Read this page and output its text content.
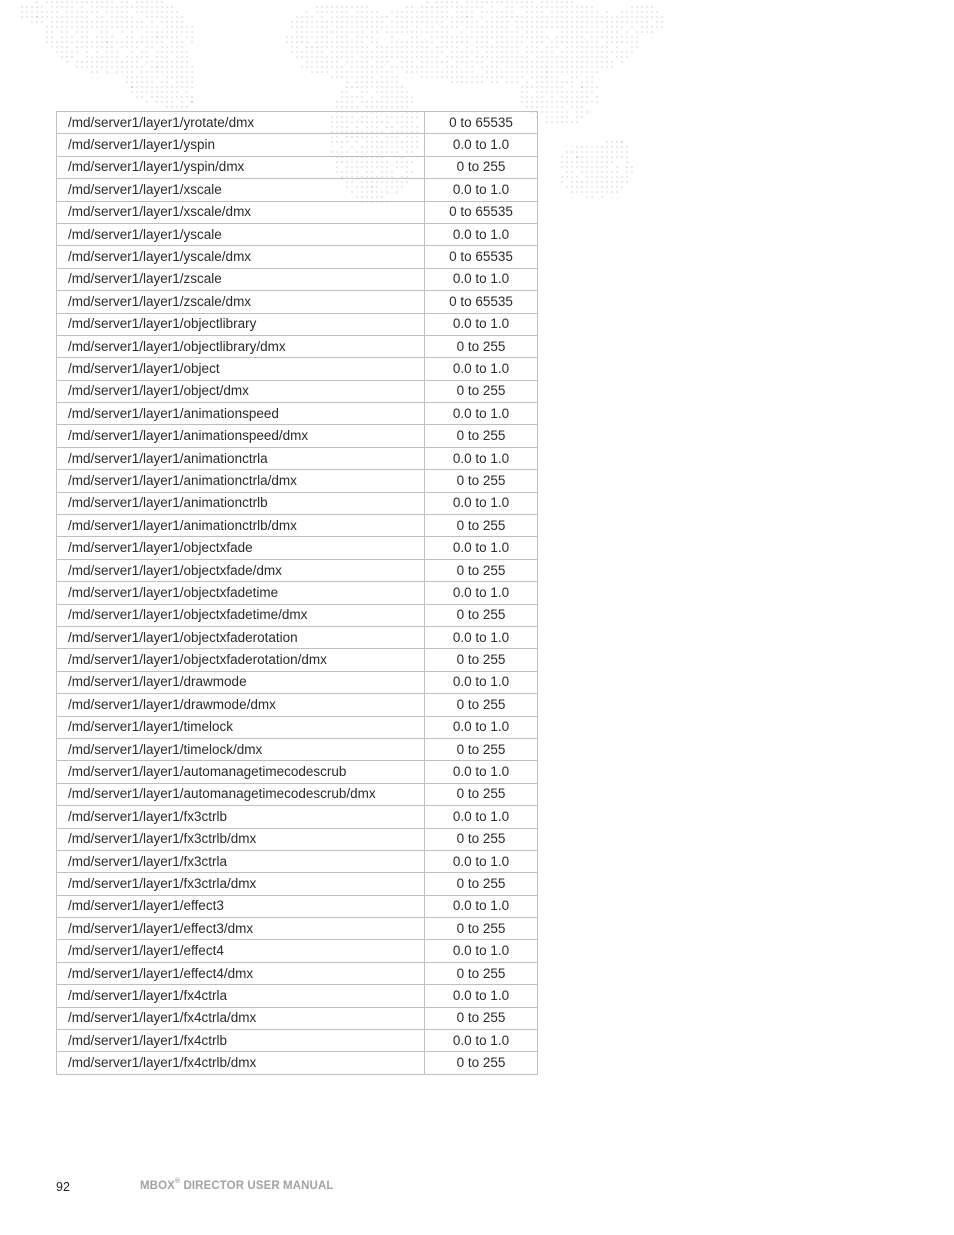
/md/server1/layer1/yrotate/dmx	0 to 65535
/md/server1/layer1/yspin	0.0 to 1.0
/md/server1/layer1/yspin/dmx	0 to 255
/md/server1/layer1/xscale	0.0 to 1.0
/md/server1/layer1/xscale/dmx	0 to 65535
/md/server1/layer1/yscale	0.0 to 1.0
/md/server1/layer1/yscale/dmx	0 to 65535
/md/server1/layer1/zscale	0.0 to 1.0
/md/server1/layer1/zscale/dmx	0 to 65535
/md/server1/layer1/objectlibrary	0.0 to 1.0
/md/server1/layer1/objectlibrary/dmx	0 to 255
/md/server1/layer1/object	0.0 to 1.0
/md/server1/layer1/object/dmx	0 to 255
/md/server1/layer1/animationspeed	0.0 to 1.0
/md/server1/layer1/animationspeed/dmx	0 to 255
/md/server1/layer1/animationctrla	0.0 to 1.0
/md/server1/layer1/animationctrla/dmx	0 to 255
/md/server1/layer1/animationctrlb	0.0 to 1.0
/md/server1/layer1/animationctrlb/dmx	0 to 255
/md/server1/layer1/objectxfade	0.0 to 1.0
/md/server1/layer1/objectxfade/dmx	0 to 255
/md/server1/layer1/objectxfadetime	0.0 to 1.0
/md/server1/layer1/objectxfadetime/dmx	0 to 255
/md/server1/layer1/objectxfaderotation	0.0 to 1.0
/md/server1/layer1/objectxfaderotation/dmx	0 to 255
/md/server1/layer1/drawmode	0.0 to 1.0
/md/server1/layer1/drawmode/dmx	0 to 255
/md/server1/layer1/timelock	0.0 to 1.0
/md/server1/layer1/timelock/dmx	0 to 255
/md/server1/layer1/automanagetimecodescrub	0.0 to 1.0
/md/server1/layer1/automanagetimecodescrub/dmx	0 to 255
/md/server1/layer1/fx3ctrlb	0.0 to 1.0
/md/server1/layer1/fx3ctrlb/dmx	0 to 255
/md/server1/layer1/fx3ctrla	0.0 to 1.0
/md/server1/layer1/fx3ctrla/dmx	0 to 255
/md/server1/layer1/effect3	0.0 to 1.0
/md/server1/layer1/effect3/dmx	0 to 255
/md/server1/layer1/effect4	0.0 to 1.0
/md/server1/layer1/effect4/dmx	0 to 255
/md/server1/layer1/fx4ctrla	0.0 to 1.0
/md/server1/layer1/fx4ctrla/dmx	0 to 255
/md/server1/layer1/fx4ctrlb	0.0 to 1.0
/md/server1/layer1/fx4ctrlb/dmx	0 to 255
92	MBOX® DIRECTOR USER MANUAL
